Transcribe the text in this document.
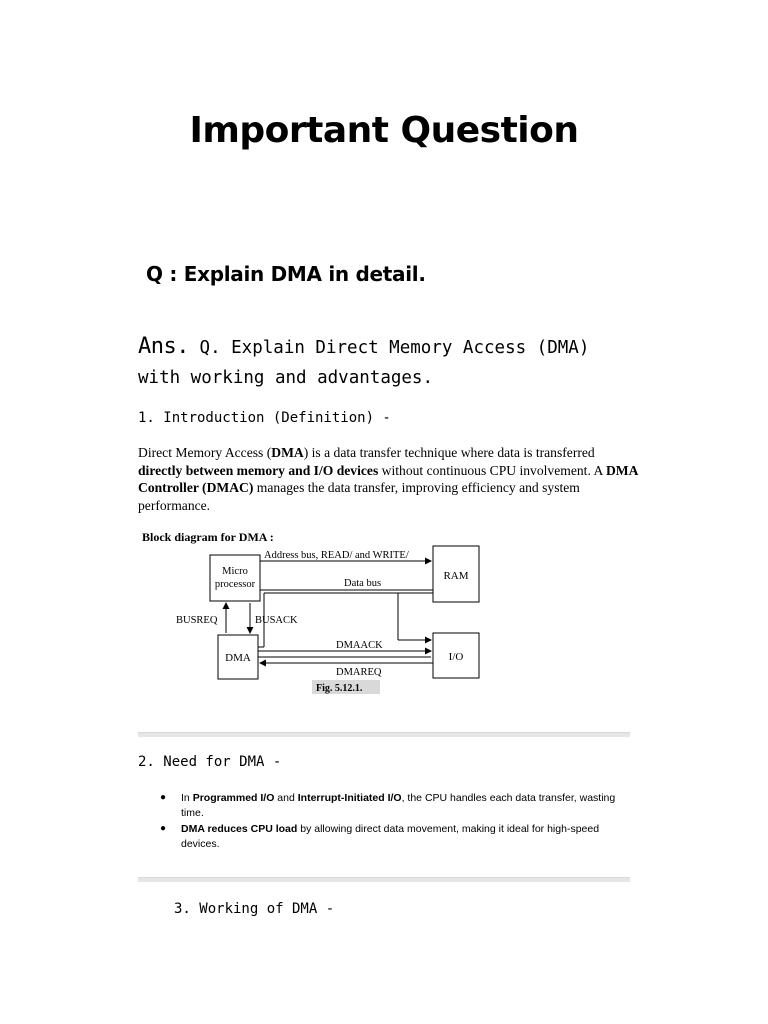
Important Question
Q : Explain DMA in detail.
Ans. Q. Explain Direct Memory Access (DMA)
with working and advantages.
1. Introduction (Definition) -
Direct Memory Access (DMA) is a data transfer technique where data is transferred directly between memory and I/O devices without continuous CPU involvement. A DMA Controller (DMAC) manages the data transfer, improving efficiency and system performance.
Block diagram for DMA :
Micro
processor
RAM
DMA	I/O
Address bus, READ/ and WRITE/
Data bus
BUSREQ	BUSACK
DMAACK
DMAREQ
Fig. 5.12.1.
2. Need for DMA -
● In Programmed I/O and Interrupt-Initiated I/O, the CPU handles each data transfer, wasting time.
● DMA reduces CPU load by allowing direct data movement, making it ideal for high-speed devices.
3. Working of DMA -
